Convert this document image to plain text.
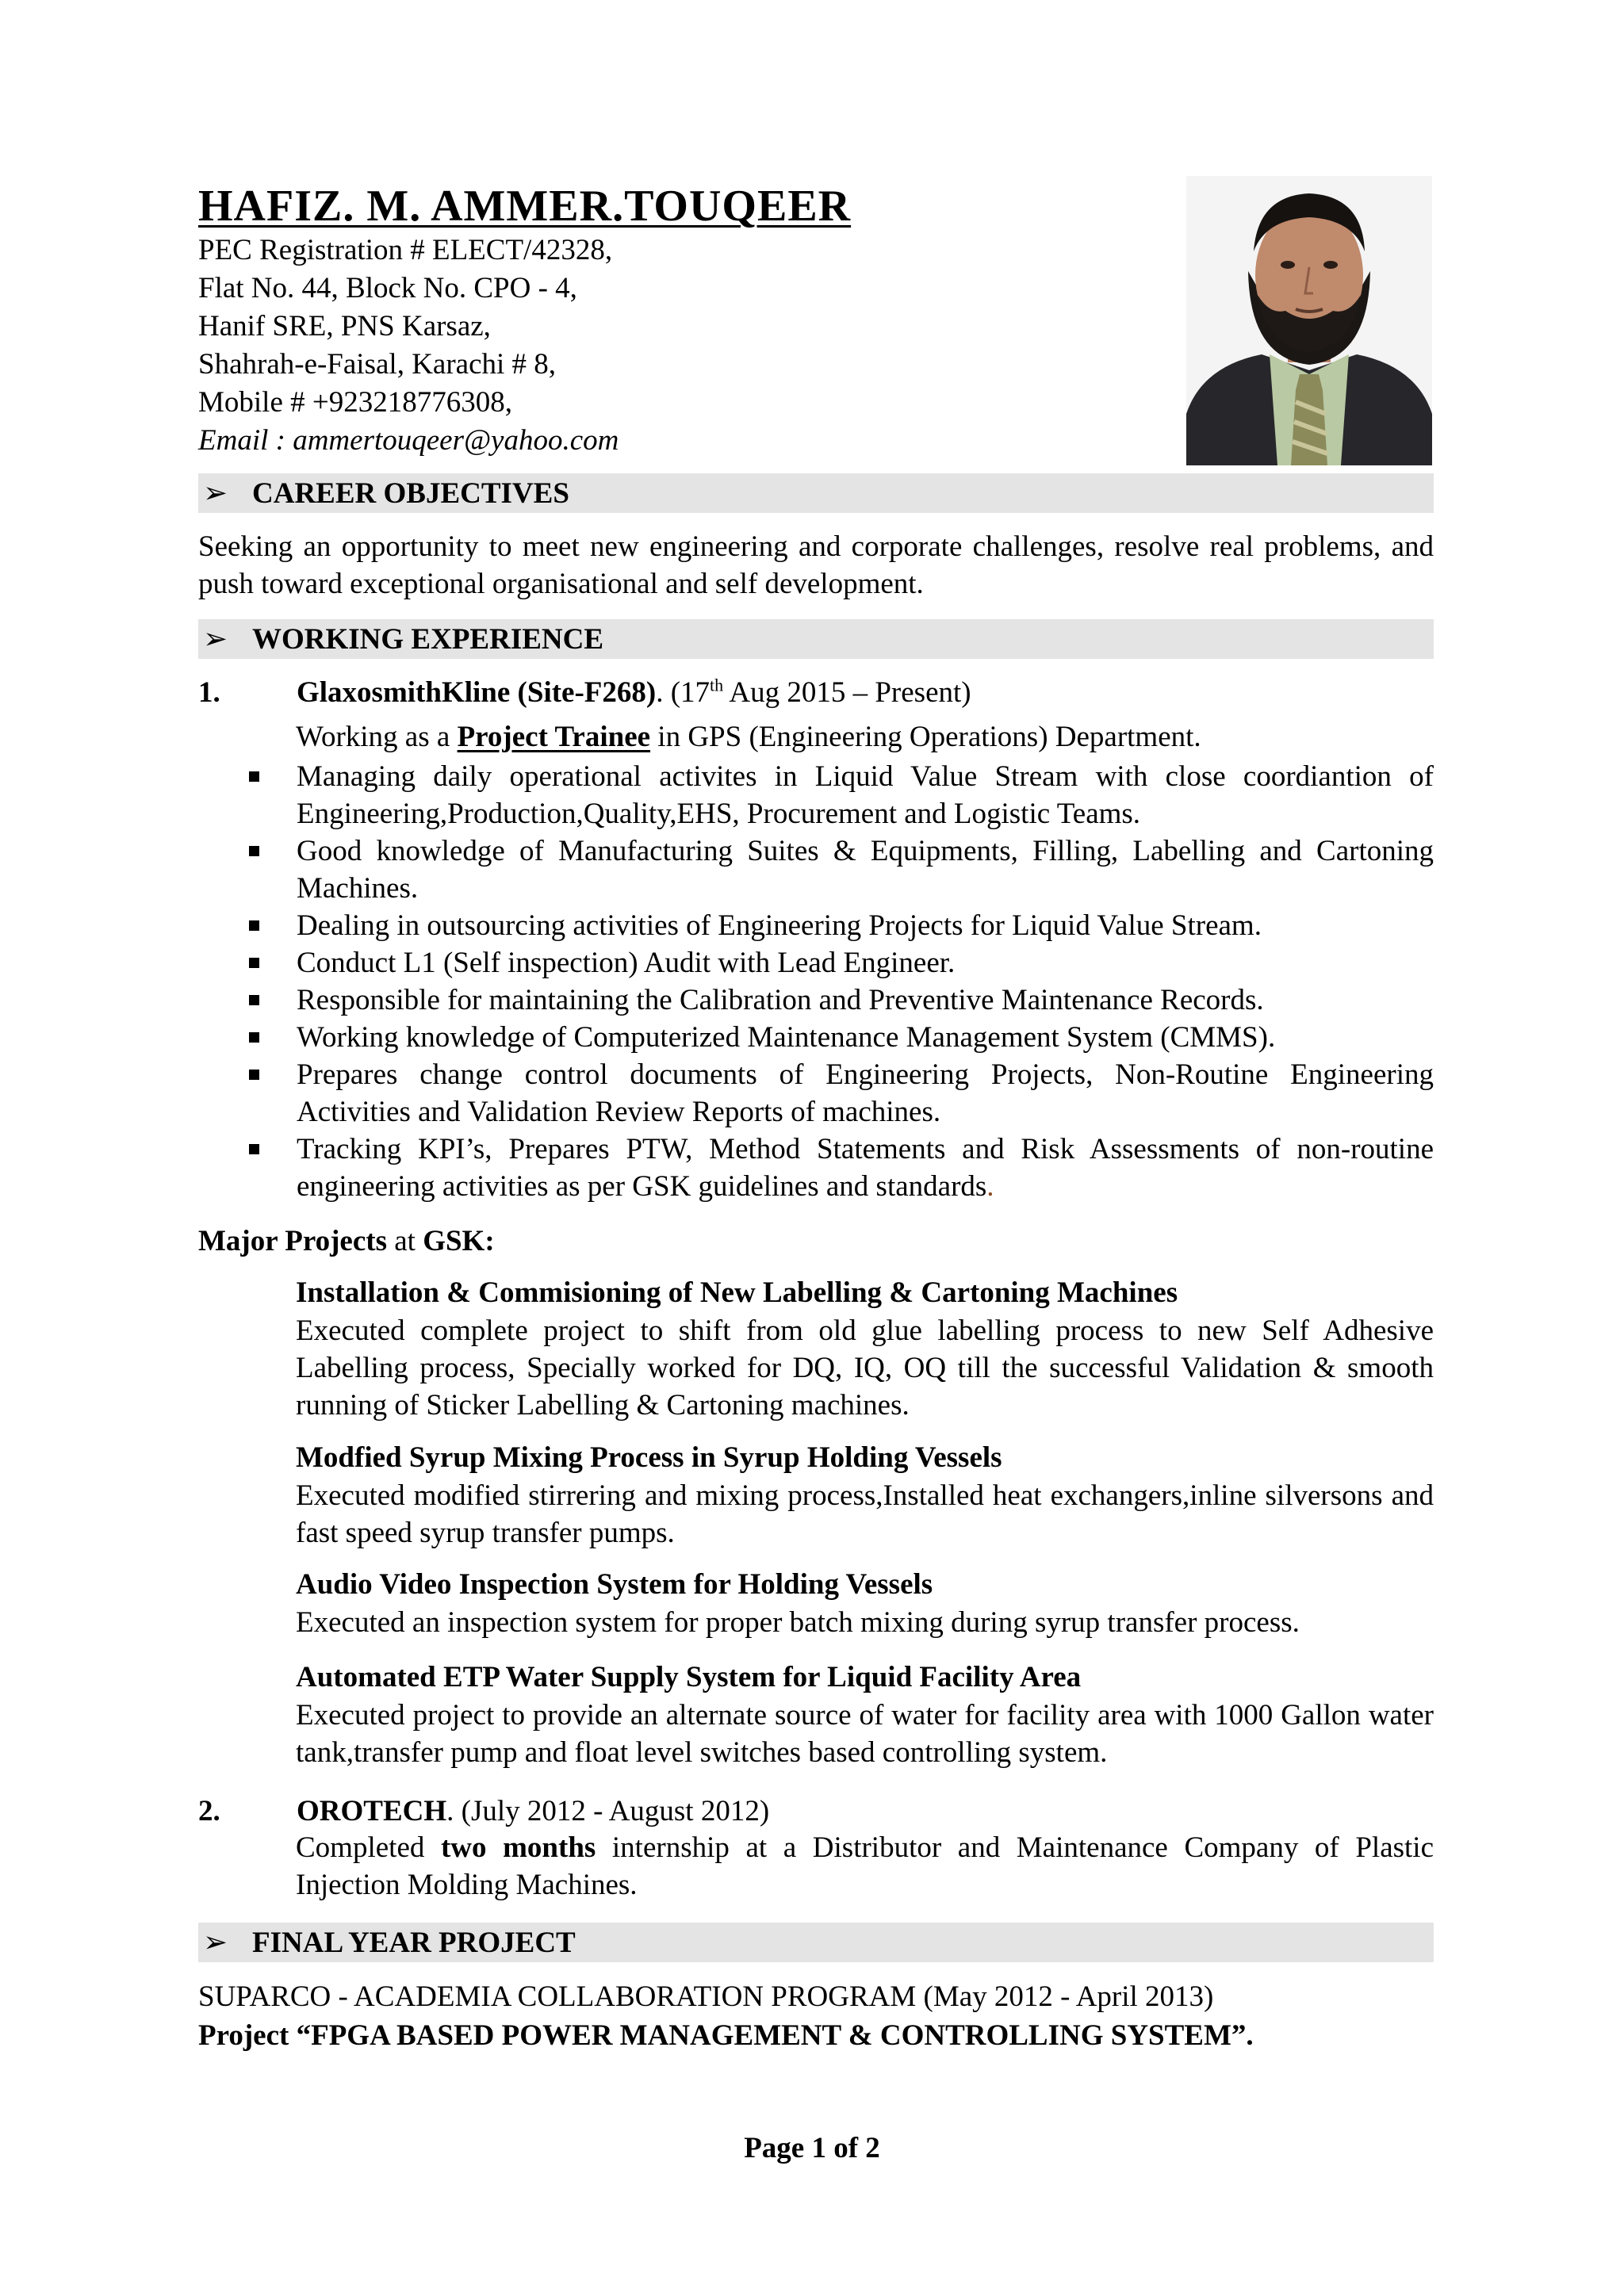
HAFIZ. M. AMMER.TOUQEER
PEC Registration # ELECT/42328,
Flat No. 44, Block No. CPO - 4,
Hanif SRE, PNS Karsaz,
Shahrah-e-Faisal, Karachi # 8,
Mobile # +923218776308,
Email : ammertouqeer@yahoo.com
➢ CAREER OBJECTIVES
Seeking an opportunity to meet new engineering and corporate challenges, resolve real problems, and push toward exceptional organisational and self development.
➢ WORKING EXPERIENCE
1.	GlaxosmithKline (Site-F268). (17th Aug 2015 – Present)
Working as a Project Trainee in GPS (Engineering Operations) Department.
Managing daily operational activites in Liquid Value Stream with close coordiantion of Engineering,Production,Quality,EHS, Procurement and Logistic Teams.
Good knowledge of Manufacturing Suites & Equipments, Filling, Labelling and Cartoning Machines.
Dealing in outsourcing activities of Engineering Projects for Liquid Value Stream.
Conduct L1 (Self inspection) Audit with Lead Engineer.
Responsible for maintaining the Calibration and Preventive Maintenance Records.
Working knowledge of Computerized Maintenance Management System (CMMS).
Prepares change control documents of Engineering Projects, Non-Routine Engineering Activities and Validation Review Reports of machines.
Tracking KPI’s, Prepares PTW, Method Statements and Risk Assessments of non-routine engineering activities as per GSK guidelines and standards.
Major Projects at GSK:
Installation & Commisioning of New Labelling & Cartoning Machines
Executed complete project to shift from old glue labelling process to new Self Adhesive Labelling process, Specially worked for DQ, IQ, OQ till the successful Validation & smooth running of Sticker Labelling & Cartoning machines.
Modfied Syrup Mixing Process in Syrup Holding Vessels
Executed modified stirrering and mixing process,Installed heat exchangers,inline silversons and fast speed syrup transfer pumps.
Audio Video Inspection System for Holding Vessels
Executed an inspection system for proper batch mixing during syrup transfer process.
Automated ETP Water Supply System for Liquid Facility Area
Executed project to provide an alternate source of water for facility area with 1000 Gallon water tank,transfer pump and float level switches based controlling system.
2.	OROTECH. (July 2012 - August 2012)
Completed two months internship at a Distributor and Maintenance Company of Plastic Injection Molding Machines.
➢ FINAL YEAR PROJECT
SUPARCO - ACADEMIA COLLABORATION PROGRAM (May 2012 - April 2013)
Project “FPGA BASED POWER MANAGEMENT & CONTROLLING SYSTEM”.
Page 1 of 2
